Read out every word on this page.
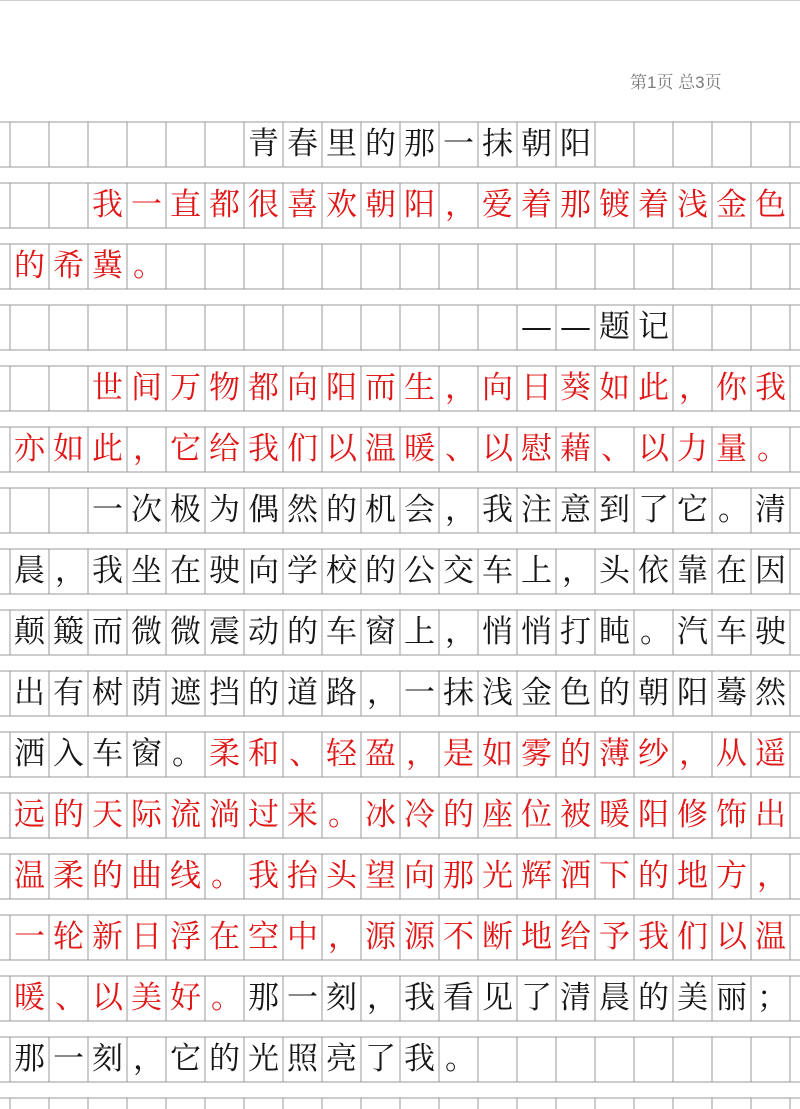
第1页 总3页
青 春 里 的 那 一 抹 朝 阳
我 一 直 都 很 喜 欢 朝 阳 ， 爱 着 那 镀 着 浅 金 色
的 希 冀 。
— — 题 记
世 间 万 物 都 向 阳 而 生 ， 向 日 葵 如 此 ， 你 我
亦 如 此 ， 它 给 我 们 以 温 暖 、 以 慰 藉 、 以 力 量 。
一 次 极 为 偶 然 的 机 会 ， 我 注 意 到 了 它 。 清
晨 ， 我 坐 在 驶 向 学 校 的 公 交 车 上 ， 头 依 靠 在 因
颠 簸 而 微 微 震 动 的 车 窗 上 ， 悄 悄 打 盹 。 汽 车 驶
出 有 树 荫 遮 挡 的 道 路 ， 一 抹 浅 金 色 的 朝 阳 蓦 然
洒 入 车 窗 。 柔 和 、 轻 盈 ， 是 如 雾 的 薄 纱 ， 从 遥
远 的 天 际 流 淌 过 来 。 冰 冷 的 座 位 被 暖 阳 修 饰 出
温 柔 的 曲 线 。 我 抬 头 望 向 那 光 辉 洒 下 的 地 方 ，
一 轮 新 日 浮 在 空 中 ， 源 源 不 断 地 给 予 我 们 以 温
暖 、 以 美 好 。 那 一 刻 ， 我 看 见 了 清 晨 的 美 丽 ；
那 一 刻 ， 它 的 光 照 亮 了 我 。
